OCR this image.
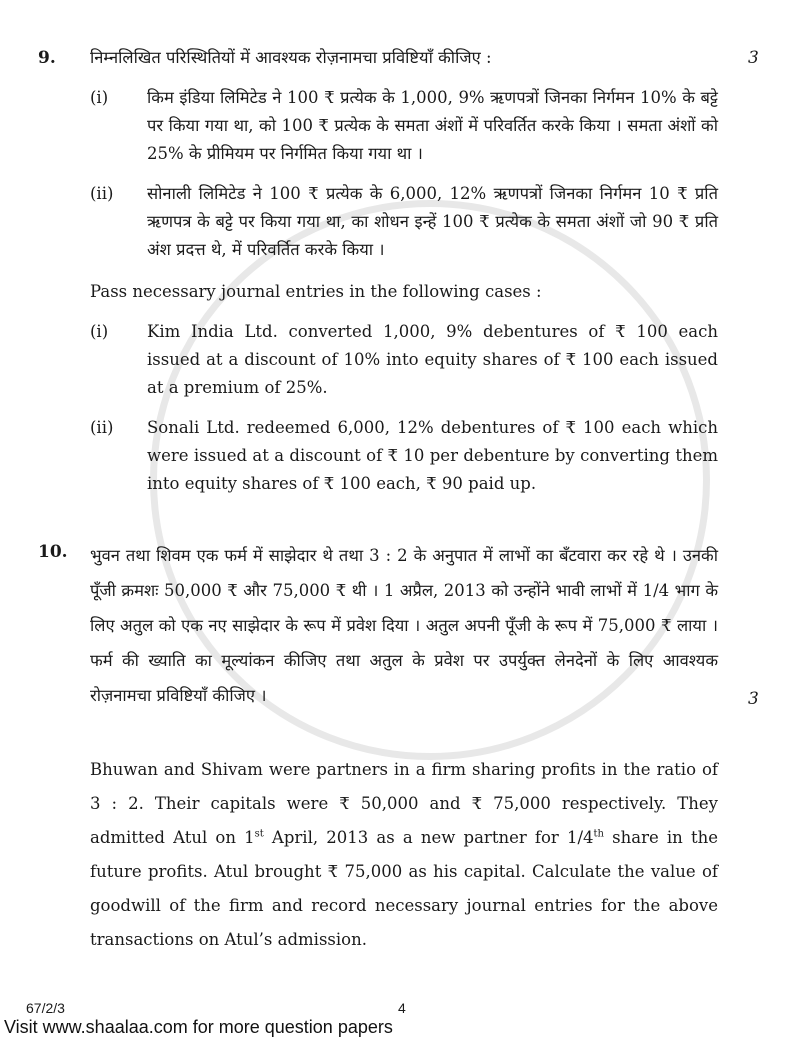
9.	निम्नलिखित परिस्थितियों में आवश्यक रोज़नामचा प्रविष्टियाँ कीजिए :

(i)	किम इंडिया लिमिटेड ने 100 ₹ प्रत्येक के 1,000, 9% ऋणपत्रों जिनका निर्गमन 10% के बट्टे पर किया गया था, को 100 ₹ प्रत्येक के समता अंशों में परिवर्तित करके किया । समता अंशों को 25% के प्रीमियम पर निर्गमित किया गया था ।

(ii)	सोनाली लिमिटेड ने 100 ₹ प्रत्येक के 6,000, 12% ऋणपत्रों जिनका निर्गमन 10 ₹ प्रति ऋणपत्र के बट्टे पर किया गया था, का शोधन इन्हें 100 ₹ प्रत्येक के समता अंशों जो 90 ₹ प्रति अंश प्रदत्त थे, में परिवर्तित करके किया ।

Pass necessary journal entries in the following cases :

(i)	Kim India Ltd. converted 1,000, 9% debentures of ₹ 100 each issued at a discount of 10% into equity shares of ₹ 100 each issued at a premium of 25%.

(ii)	Sonali Ltd. redeemed 6,000, 12% debentures of ₹ 100 each which were issued at a discount of ₹ 10 per debenture by converting them into equity shares of ₹ 100 each, ₹ 90 paid up.

3
10.	भुवन तथा शिवम एक फर्म में साझेदार थे तथा 3 : 2 के अनुपात में लाभों का बँटवारा कर रहे थे । उनकी पूँजी क्रमशः 50,000 ₹ और 75,000 ₹ थी । 1 अप्रैल, 2013 को उन्होंने भावी लाभों में 1/4 भाग के लिए अतुल को एक नए साझेदार के रूप में प्रवेश दिया । अतुल अपनी पूँजी के रूप में 75,000 ₹ लाया । फर्म की ख्याति का मूल्यांकन कीजिए तथा अतुल के प्रवेश पर उपर्युक्त लेनदेनों के लिए आवश्यक रोज़नामचा प्रविष्टियाँ कीजिए ।	3

Bhuwan and Shivam were partners in a firm sharing profits in the ratio of 3 : 2. Their capitals were ₹ 50,000 and ₹ 75,000 respectively. They admitted Atul on 1st April, 2013 as a new partner for 1/4th share in the future profits. Atul brought ₹ 75,000 as his capital. Calculate the value of goodwill of the firm and record necessary journal entries for the above transactions on Atul’s admission.

67/2/3	4
Visit www.shaalaa.com for more question papers
